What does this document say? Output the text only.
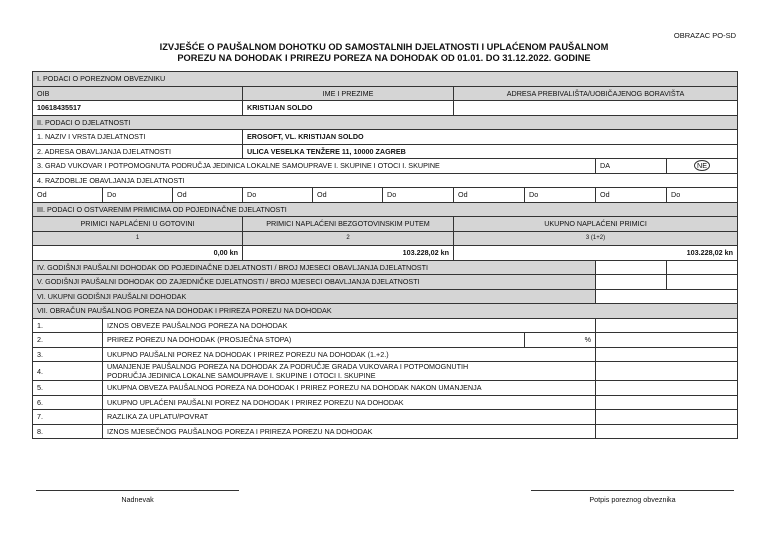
OBRAZAC PO-SD
IZVJEŠĆE O PAUŠALNOM DOHOTKU OD SAMOSTALNIH DJELATNOSTI I UPLAĆENOM PAUŠALNOM
POREZU NA DOHODAK I PRIREZU POREZA NA DOHODAK OD 01.01. DO 31.12.2022. GODINE
I. PODACI O POREZNOM OBVEZNIKU									
OIB			IME I PREZIME			ADRESA PREBIVALIŠTA/UOBIČAJENOG BORAVIŠTA			
10618435517			KRISTIJAN SOLDO						
II. PODACI O DJELATNOSTI									
1. NAZIV I VRSTA DJELATNOSTI			EROSOFT, VL. KRISTIJAN SOLDO						
2. ADRESA OBAVLJANJA DJELATNOSTI			ULICA VESELKA TENŽERE 11, 10000 ZAGREB						
3. GRAD VUKOVAR I POTPOMOGNUTA PODRUČJA JEDINICA LOKALNE SAMOUPRAVE I. SKUPINE I OTOCI I. SKUPINE								DA	NE
4. RAZDOBLJE OBAVLJANJA DJELATNOSTI									
Od	Do	Od	Do	Od	Do	Od	Do	Od	Do
III. PODACI O OSTVARENIM PRIMICIMA OD POJEDINAČNE DJELATNOSTI									
PRIMICI NAPLAĆENI U GOTOVINI			PRIMICI NAPLAĆENI BEZGOTOVINSKIM PUTEM			UKUPNO NAPLAĆENI PRIMICI			
1			2			3 (1+2)			
0,00 kn			103.228,02 kn			103.228,02 kn			
IV. GODIŠNJI PAUŠALNI DOHODAK OD POJEDINAČNE DJELATNOSTI / BROJ MJESECI OBAVLJANJA DJELATNOSTI									
V. GODIŠNJI PAUŠALNI DOHODAK OD ZAJEDNIČKE DJELATNOSTI / BROJ MJESECI OBAVLJANJA DJELATNOSTI									
VI. UKUPNI GODIŠNJI PAUŠALNI DOHODAK									
VII. OBRAČUN PAUŠALNOG POREZA NA DOHODAK I PRIREZA POREZU NA DOHODAK									
1.	IZNOS OBVEZE PAUŠALNOG POREZA NA DOHODAK								
2.	PRIREZ POREZU NA DOHODAK (PROSJEČNA STOPA)						%		
3.	UKUPNO PAUŠALNI POREZ NA DOHODAK I PRIREZ POREZU NA DOHODAK (1.+2.)								
4.	UMANJENJE PAUŠALNOG POREZA NA DOHODAK ZA PODRUČJE GRADA VUKOVARA I POTPOMOGNUTIH
PODRUČJA JEDINICA LOKALNE SAMOUPRAVE I. SKUPINE I OTOCI I. SKUPINE								

5.	UKUPNA OBVEZA PAUŠALNOG POREZA NA DOHODAK I PRIREZ POREZU NA DOHODAK NAKON UMANJENJA								
6.	UKUPNO UPLAĆENI PAUŠALNI POREZ NA DOHODAK I PRIREZ POREZU NA DOHODAK								
7.	RAZLIKA ZA UPLATU/POVRAT								
8.	IZNOS MJESEČNOG PAUŠALNOG POREZA I PRIREZA POREZU NA DOHODAK								
Nadnevak	Potpis poreznog obveznika
